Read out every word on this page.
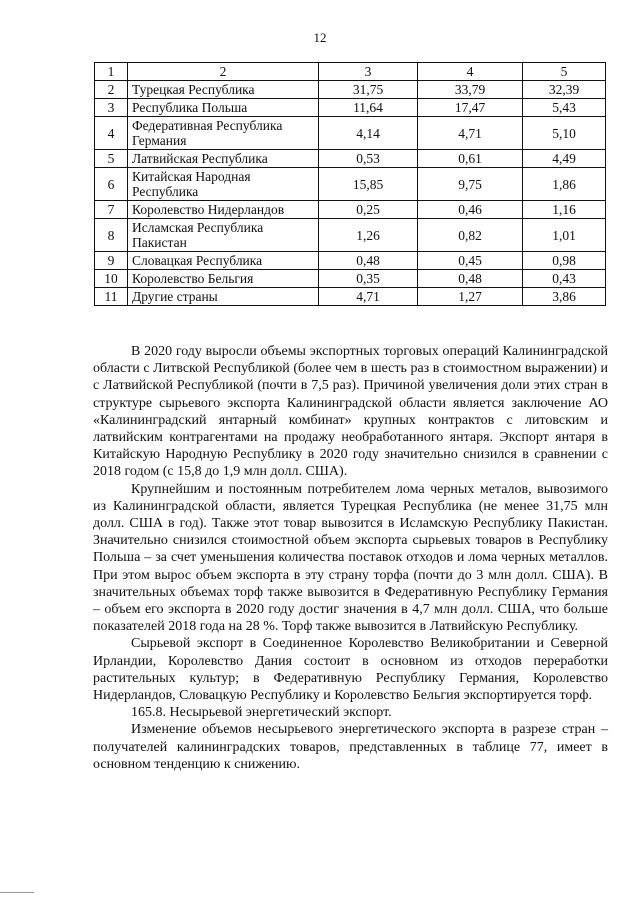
12
1	2	3	4	5
2	Турецкая Республика	31,75	33,79	32,39
3	Республика Польша	11,64	17,47	5,43
4	Федеративная Республика Германия	4,14	4,71	5,10
5	Латвийская Республика	0,53	0,61	4,49
6	Китайская Народная Республика	15,85	9,75	1,86
7	Королевство Нидерландов	0,25	0,46	1,16
8	Исламская Республика Пакистан	1,26	0,82	1,01
9	Словацкая Республика	0,48	0,45	0,98
10	Королевство Бельгия	0,35	0,48	0,43
11	Другие страны	4,71	1,27	3,86

В 2020 году выросли объемы экспортных торговых операций Калининградской области с Литвской Республикой (более чем в шесть раз в стоимостном выражении) и с Латвийской Республикой (почти в 7,5 раз). Причиной увеличения доли этих стран в структуре сырьевого экспорта Калининградской области является заключение АО «Калининградский янтарный комбинат» крупных контрактов с литовским и латвийским контрагентами на продажу необработанного янтаря. Экспорт янтаря в Китайскую Народную Республику в 2020 году значительно снизился в сравнении с 2018 годом (с 15,8 до 1,9 млн долл. США).

Крупнейшим и постоянным потребителем лома черных металов, вывозимого из Калининградской области, является Турецкая Республика (не менее 31,75 млн долл. США в год). Также этот товар вывозится в Исламскую Республику Пакистан. Значительно снизился стоимостной объем экспорта сырьевых товаров в Республику Польша – за счет уменьшения количества поставок отходов и лома черных металлов. При этом вырос объем экспорта в эту страну торфа (почти до 3 млн долл. США). В значительных объемах торф также вывозится в Федеративную Республику Германия – объем его экспорта в 2020 году достиг значения в 4,7 млн долл. США, что больше показателей 2018 года на 28 %. Торф также вывозится в Латвийскую Республику.

Сырьевой экспорт в Соединенное Королевство Великобритании и Северной Ирландии, Королевство Дания состоит в основном из отходов переработки растительных культур; в Федеративную Республику Германия, Королевство Нидерландов, Словацкую Республику и Королевство Бельгия экспортируется торф.

165.8. Несырьевой энергетический экспорт.

Изменение объемов несырьевого энергетического экспорта в разрезе стран – получателей калининградских товаров, представленных в таблице 77, имеет в основном тенденцию к снижению.
